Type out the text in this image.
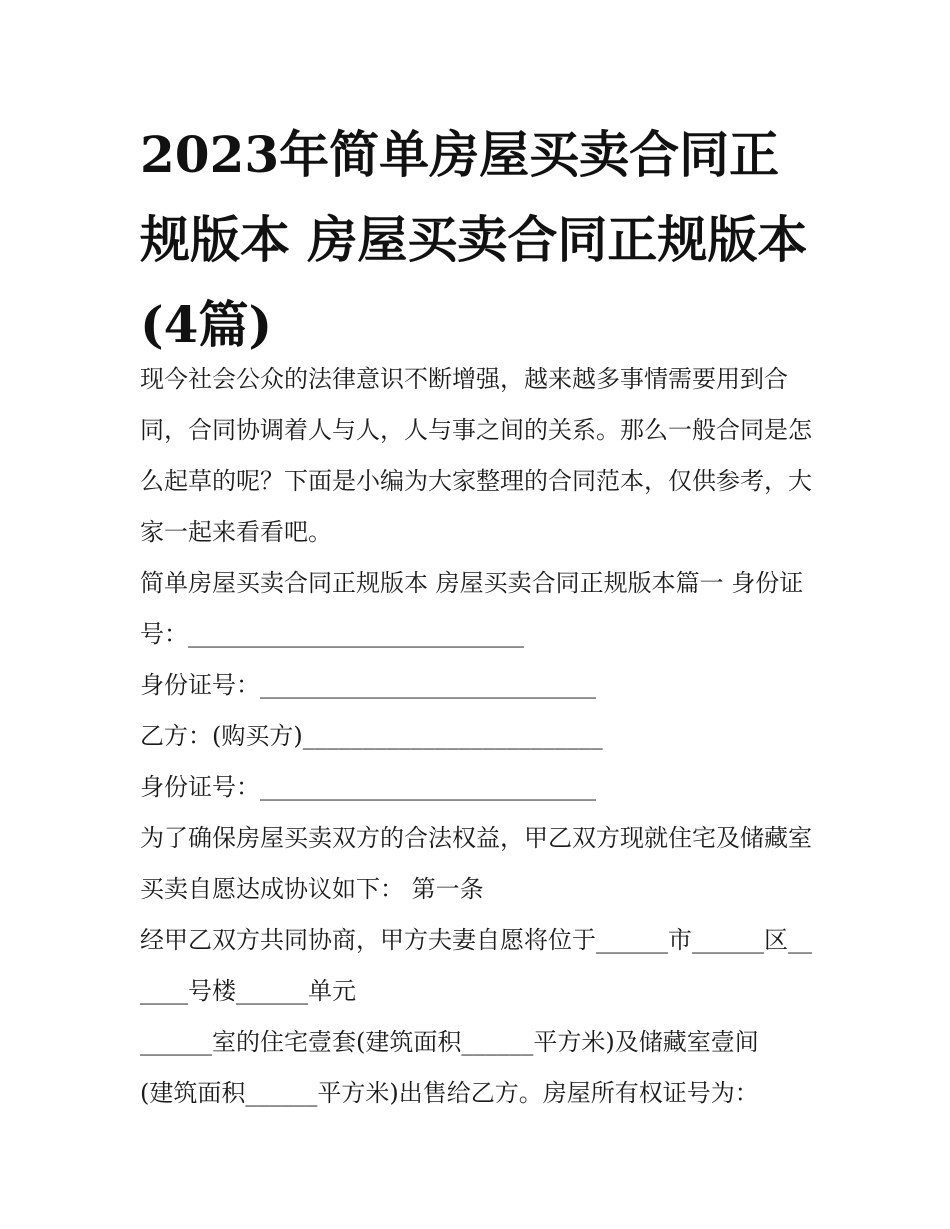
2023年简单房屋买卖合同正规版本 房屋买卖合同正规版本(4篇)

现今社会公众的法律意识不断增强，越来越多事情需要用到合同，合同协调着人与人，人与事之间的关系。那么一般合同是怎么起草的呢？下面是小编为大家整理的合同范本，仅供参考，大家一起来看看吧。

简单房屋买卖合同正规版本 房屋买卖合同正规版本篇一 身份证号：____________________________

身份证号：____________________________

乙方：(购买方)_________________________

身份证号：____________________________

为了确保房屋买卖双方的合法权益，甲乙双方现就住宅及储藏室买卖自愿达成协议如下： 第一条

经甲乙双方共同协商，甲方夫妻自愿将位于______市______区______号楼______单元

______室的住宅壹套(建筑面积______平方米)及储藏室壹间

(建筑面积______平方米)出售给乙方。房屋所有权证号为：
